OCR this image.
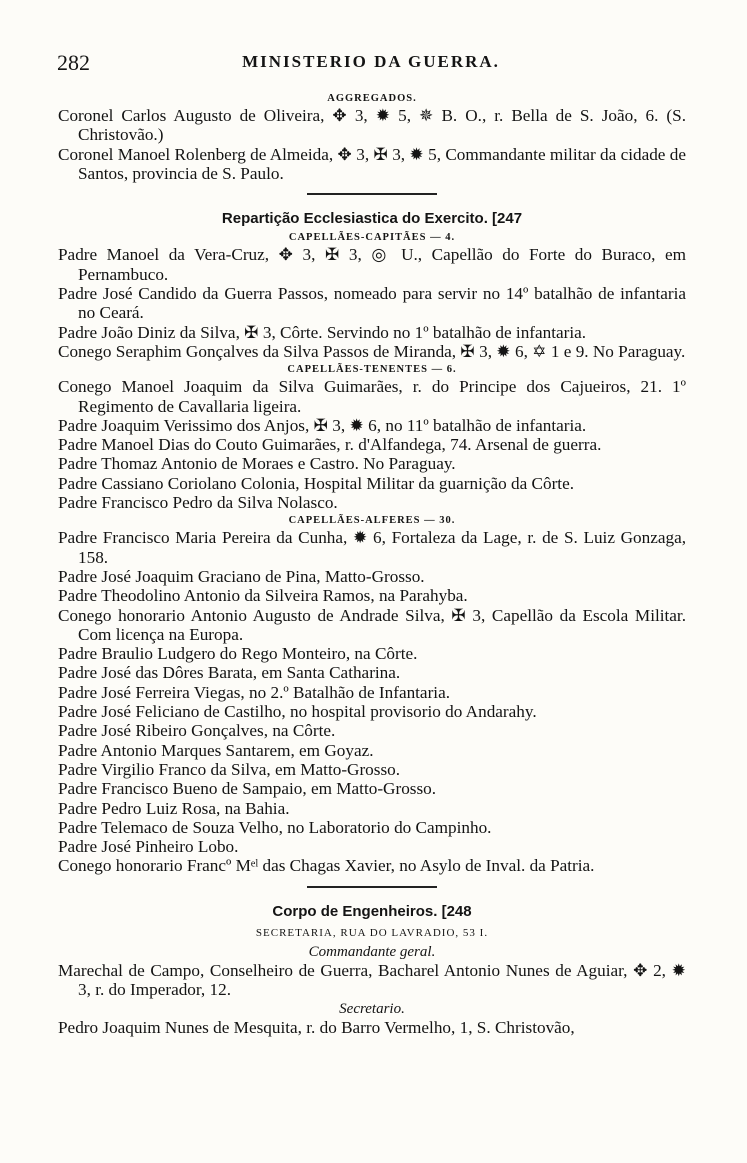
282	MINISTERIO DA GUERRA.
AGGREGADOS.

Coronel Carlos Augusto de Oliveira, ✥ 3, ✹ 5, ✵ B. O., r. Bella de S. João, 6. (S. Christovão.)

Coronel Manoel Rolenberg de Almeida, ✥ 3, ✠ 3, ✹ 5, Commandante militar da cidade de Santos, provincia de S. Paulo.

Repartição Ecclesiastica do Exercito. [247
CAPELLÃES-CAPITÃES — 4.

Padre Manoel da Vera-Cruz, ✥ 3, ✠ 3, ◎ U., Capellão do Forte do Buraco, em Pernambuco.

Padre José Candido da Guerra Passos, nomeado para servir no 14º batalhão de infantaria no Ceará.

Padre João Diniz da Silva, ✠ 3, Côrte. Servindo no 1º batalhão de infantaria.

Conego Seraphim Gonçalves da Silva Passos de Miranda, ✠ 3, ✹ 6, ✡ 1 e 9. No Paraguay.

CAPELLÃES-TENENTES — 6.

Conego Manoel Joaquim da Silva Guimarães, r. do Principe dos Cajueiros, 21. 1º Regimento de Cavallaria ligeira.

Padre Joaquim Verissimo dos Anjos, ✠ 3, ✹ 6, no 11º batalhão de infantaria.

Padre Manoel Dias do Couto Guimarães, r. d'Alfandega, 74. Arsenal de guerra.

Padre Thomaz Antonio de Moraes e Castro. No Paraguay.

Padre Cassiano Coriolano Colonia, Hospital Militar da guarnição da Côrte.

Padre Francisco Pedro da Silva Nolasco.

CAPELLÃES-ALFERES — 30.

Padre Francisco Maria Pereira da Cunha, ✹ 6, Fortaleza da Lage, r. de S. Luiz Gonzaga, 158.

Padre José Joaquim Graciano de Pina, Matto-Grosso.

Padre Theodolino Antonio da Silveira Ramos, na Parahyba.

Conego honorario Antonio Augusto de Andrade Silva, ✠ 3, Capellão da Escola Militar. Com licença na Europa.

Padre Braulio Ludgero do Rego Monteiro, na Côrte.

Padre José das Dôres Barata, em Santa Catharina.

Padre José Ferreira Viegas, no 2.º Batalhão de Infantaria.

Padre José Feliciano de Castilho, no hospital provisorio do Andarahy.

Padre José Ribeiro Gonçalves, na Côrte.

Padre Antonio Marques Santarem, em Goyaz.

Padre Virgilio Franco da Silva, em Matto-Grosso.

Padre Francisco Bueno de Sampaio, em Matto-Grosso.

Padre Pedro Luiz Rosa, na Bahia.

Padre Telemaco de Souza Velho, no Laboratorio do Campinho.

Padre José Pinheiro Lobo.

Conego honorario Francº Mᵉˡ das Chagas Xavier, no Asylo de Inval. da Patria.

Corpo de Engenheiros. [248
SECRETARIA, RUA DO LAVRADIO, 53 I.
Commandante geral.

Marechal de Campo, Conselheiro de Guerra, Bacharel Antonio Nunes de Aguiar, ✥ 2, ✹ 3, r. do Imperador, 12.

Secretario.

Pedro Joaquim Nunes de Mesquita, r. do Barro Vermelho, 1, S. Christovão,
